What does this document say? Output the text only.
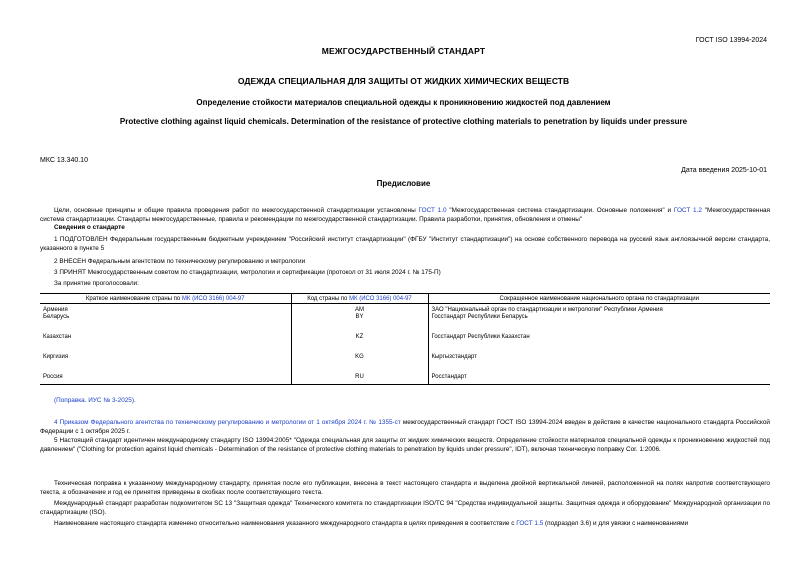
ГОСТ ISO 13994-2024
МЕЖГОСУДАРСТВЕННЫЙ СТАНДАРТ
ОДЕЖДА СПЕЦИАЛЬНАЯ ДЛЯ ЗАЩИТЫ ОТ ЖИДКИХ ХИМИЧЕСКИХ ВЕЩЕСТВ
Определение стойкости материалов специальной одежды к проникновению жидкостей под давлением
Protective clothing against liquid chemicals. Determination of the resistance of protective clothing materials to penetration by liquids under pressure
МКС 13.340.10
Дата введения 2025-10-01
Предисловие
Цели, основные принципы и общие правила проведения работ по межгосударственной стандартизации установлены ГОСТ 1.0 "Межгосударственная система стандартизации. Основные положения" и ГОСТ 1.2 "Межгосударственная система стандартизации. Стандарты межгосударственные, правила и рекомендации по межгосударственной стандартизации. Правила разработки, принятия, обновления и отмены"
Сведения о стандарте
1 ПОДГОТОВЛЕН Федеральным государственным бюджетным учреждением "Российский институт стандартизации" (ФГБУ "Институт стандартизации") на основе собственного перевода на русский язык англоязычной версии стандарта, указанного в пункте 5
2 ВНЕСЕН Федеральным агентством по техническому регулированию и метрологии
3 ПРИНЯТ Межгосударственным советом по стандартизации, метрологии и сертификации (протокол от 31 июля 2024 г. № 175-П)
За принятие проголосовали:
Краткое наименование страны по МК (ИСО 3166) 004-97	Код страны по МК (ИСО 3166) 004-97	Сокращенное наименование национального органа по стандартизации
Армения	AM	ЗАО "Национальный орган по стандартизации и метрологии" Республики Армения
Беларусь	BY	Госстандарт Республики Беларусь
Казахстан	KZ	Госстандарт Республики Казахстан
Киргизия	KG	Кыргызстандарт
Россия	RU	Росстандарт
(Поправка. ИУС № 3-2025).
4 Приказом Федерального агентства по техническому регулированию и метрологии от 1 октября 2024 г. № 1355-ст межгосударственный стандарт ГОСТ ISO 13994-2024 введен в действие в качестве национального стандарта Российской Федерации с 1 октября 2025 г.
5 Настоящий стандарт идентичен международному стандарту ISO 13994:2005* "Одежда специальная для защиты от жидких химических веществ. Определение стойкости материалов специальной одежды к проникновению жидкостей под давлением" ("Clothing for protection against liquid chemicals - Determination of the resistance of protective clothing materials to penetration by liquids under pressure", IDT), включая техническую поправку Cor. 1:2006.
Техническая поправка к указанному международному стандарту, принятая после его публикации, внесена в текст настоящего стандарта и выделена двойной вертикальной линией, расположенной на полях напротив соответствующего текста, а обозначение и год ее принятия приведены в скобках после соответствующего текста.
Международный стандарт разработан подкомитетом SC 13 "Защитная одежда" Технического комитета по стандартизации ISO/TC 94 "Средства индивидуальной защиты. Защитная одежда и оборудование" Международной организации по стандартизации (ISO).
Наименование настоящего стандарта изменено относительно наименования указанного международного стандарта в целях приведения в соответствие с ГОСТ 1.5 (подраздел 3.6) и для увязки с наименованиями
